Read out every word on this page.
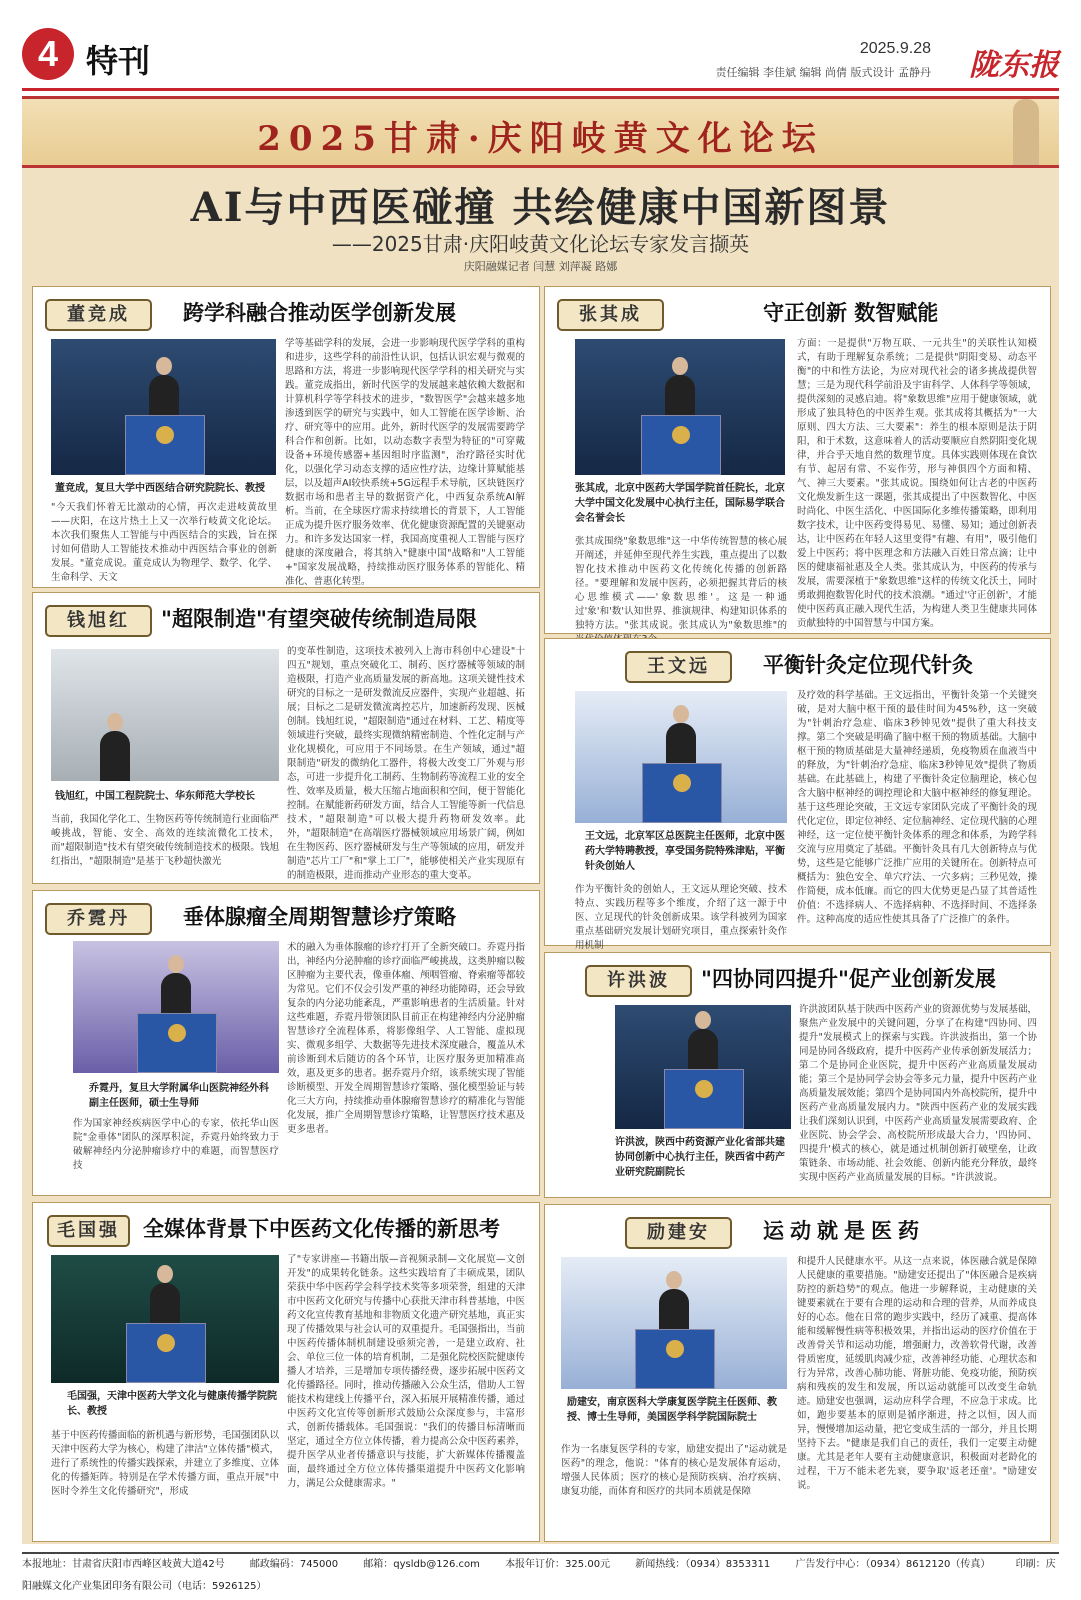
4 特刊	2025.9.28
责任编辑 李佳斌 编辑 尚倩 版式设计 孟静丹 陇东报
2025甘肃·庆阳岐黄文化论坛
AI与中西医碰撞 共绘健康中国新图景
——2025甘肃·庆阳岐黄文化论坛专家发言撷英
庆阳融媒记者 闫慧 刘萍凝 路娜
董竞成	跨学科融合推动医学创新发展
董竞成，复旦大学中西医结合研究院院长、教授
"今天我们怀着无比激动的心情，再次走进岐黄故里——庆阳，在这片热土上又一次举行岐黄文化论坛。本次我们聚焦人工智能与中西医结合的实践，旨在探讨如何借助人工智能技术推动中西医结合事业的创新发展。"董竞成说。董竞成认为物理学、数学、化学、生命科学、天文
学等基础学科的发展，会进一步影响现代医学学科的重构和进步，这些学科的前沿性认识，包括认识宏观与微观的思路和方法，将进一步影响现代医学学科的相关研究与实践。董竞成指出，新时代医学的发展越来越依赖大数据和计算机科学等学科技术的进步，"数智医学"会越来越多地渗透到医学的研究与实践中，如人工智能在医学诊断、治疗、研究等中的应用。此外，新时代医学的发展需要跨学科合作和创新。比如，以动态数字表型为特征的"可穿戴设备+环境传感器+基因组时序监测"，治疗路径实时优化，以强化学习动态支撑的适应性疗法，边缘计算赋能基层，以及超声AI较快系统+5G远程手术导航，区块链医疗数据市场和患者主导的数据资产化，中西复杂系统AI解析。当前，在全球医疗需求持续增长的背景下，人工智能正成为提升医疗服务效率、优化健康资源配置的关键驱动力。和许多发达国家一样，我国高度重视人工智能与医疗健康的深度融合，将其纳入"健康中国"战略和"人工智能+"国家发展战略，持续推动医疗服务体系的智能化、精准化、普惠化转型。
张其成	守正创新 数智赋能
张其成，北京中医药大学国学院首任院长，北京大学中国文化发展中心执行主任，国际易学联合会名誉会长
张其成围绕"象数思维"这一中华传统智慧的核心展开阐述，并延伸至现代养生实践，重点提出了以数智化技术推动中医药文化传统化传播的创新路径。"要理解和发展中医药，必须把握其背后的核心思维模式——'象数思维'。这是一种通过'象'和'数'认知世界、推演规律、构建知识体系的独特方法。"张其成说。张其成认为"象数思维"的
方面：一是提供"万物互联、一元共生"的关联性认知模式，有助于理解复杂系统；二是提供"阴阳变易、动态平衡"的中和性方法论，为应对现代社会的诸多挑战提供智慧；三是为现代科学前沿及宇宙科学、人体科学等领域，提供深刻的灵感启迪。将"象数思维"应用于健康领域，就形成了独具特色的中医养生观。张其成将其概括为"一大原则、四大方法、三大要素"：养生的根本原则是法于阴阳，和于术数，这意味着人的活动要顺应自然阴阳变化规律，并合乎天地自然的数理节度。具体实践则体现在食饮有节、起居有常、不妄作劳，形与神俱四个方面和精、气、神三大要素。"张其成说。围绕如何让古老的中医药文化焕发新生这一课题，张其成提出了中医数智化、中医时尚化、中医生活化、中医国际化多维传播策略，即利用数字技术，让中医药变得易见、易懂、易知；通过创新表达，让中医药在年轻人这里变得"有趣、有用"，吸引他们爱上中医药；将中医理念和方法融入百姓日常点滴；让中医的健康福祉惠及全人类。张其成认为，中医药的传承与发展，需要深植于"象数思维"这样的传统文化沃土，同时勇敢拥抱数智化时代的技术浪潮。"通过'守正创新'，才能使中医药真正融入现代生活，为构建人类卫生健康共同体贡献独特的中国智慧与中国方案。
钱旭红	"超限制造"有望突破传统制造局限
钱旭红，中国工程院院士、华东师范大学校长
当前，我国化学化工、生物医药等传统制造行业面临严峻挑战，智能、安全、高效的连续流微化工技术，而"超限制造"技术有望突破传统制造技术的极限。钱旭红指出，"超限制造"是基于飞秒超快激光
的变革性制造，这项技术被列入上海市科创中心建设"十四五"规划，重点突破化工、制药、医疗器械等领域的制造极限，打造产业高质量发展的新高地。这项关键性技术研究的目标之一是研发微流反应器件，实现产业超越、拓展；目标之二是研发微流离控芯片，加速新药发现、医械创制。钱旭红说，"超限制造"通过在材料、工艺、精度等领域进行突破，最终实现微纳精密制造、个性化定制与产业化规模化，可应用于不同场景。在生产领域，通过"超限制造"研发的微纳化工器件，将极大改变工厂外观与形态，可进一步提升化工制药、生物制药等流程工业的安全性、效率及质量，极大压缩占地面积和空间，便于智能化控制。在赋能新药研发方面，结合人工智能等新一代信息技术，"超限制造"可以极大提升药物研发效率。此外，"超限制造"在高端医疗器械领域应用场景广阔，例如在生物医药、医疗器械研发与生产等领域的应用，研发并制造"芯片工厂"和"掌上工厂"，能够使相关产业实现原有的制造极限，进而推动产业形态的重大变革。
王文远	平衡针灸定位现代针灸
王文远，北京军区总医院主任医师，北京中医药大学特聘教授，享受国务院特殊津贴，平衡针灸创始人
作为平衡针灸的创始人，王文远从理论突破、技术特点、实践历程等多个维度，介绍了这一源于中医、立足现代的针灸创新成果。该学科被列为国家重点基础研究发展计划研究项目，重点探索针灸作用机制
及疗效的科学基础。王文远指出，平衡针灸第一个关键突破，是对大脑中枢干预的最佳时间为45%秒，这一突破为"针刺治疗急症、临床3秒钟见效"提供了重大科技支撑。第二个突破是明确了脑中枢干预的物质基础。大脑中枢干预的物质基础是大量神经递质，免疫物质在血液当中的释放，为"针刺治疗急症、临床3秒钟见效"提供了物质基础。在此基础上，构建了平衡针灸定位脑理论，核心包含大脑中枢神经的调控理论和大脑中枢神经的修复理论。基于这些理论突破，王文远专家团队完成了平衡针灸的现代化定位，即定位神经、定位脑神经、定位现代脑的心理神经，这一定位使平衡针灸体系的理念和体系，为跨学科交流与应用奠定了基础。平衡针灸具有几大创新特点与优势，这些是它能够广泛推广应用的关键所在。创新特点可概括为：独色安全、单穴疗法、一穴多病；三秒见效，操作简便，成本低廉。而它的四大优势更是凸显了其普适性价值：不选择病人、不选择病种、不选择时间、不选择条件。这种高度的适应性使其具备了广泛推广的条件。
乔霓丹	垂体腺瘤全周期智慧诊疗策略
乔霓丹，复旦大学附属华山医院神经外科副主任医师，硕士生导师
作为国家神经疾病医学中心的专家，依托华山医院"金垂体"团队的深厚积淀，乔霓丹始终致力于破解神经内分泌肿瘤诊疗中的难题，而智慧医疗技
术的融入为垂体腺瘤的诊疗打开了全新突破口。乔霓丹指出，神经内分泌肿瘤的诊疗面临严峻挑战，这类肿瘤以鞍区肿瘤为主要代表，像垂体瘤、颅咽管瘤、脊索瘤等都较为常见。它们不仅会引发严重的神经功能障碍，还会导致复杂的内分泌功能紊乱，严重影响患者的生活质量。针对这些难题，乔霓丹带领团队目前正在构建神经内分泌肿瘤智慧诊疗全流程体系，将影像组学、人工智能、虚拟现实、微观多组学、大数据等先进技术深度融合，覆盖从术前诊断到术后随访的各个环节，让医疗服务更加精准高效，惠及更多的患者。据乔霓丹介绍，该系统实现了智能诊断模型、开发全周期智慧诊疗策略、强化模型验证与转化三大方向，持续推动垂体腺瘤智慧诊疗的精准化与智能化发展，推广全周期智慧诊疗策略，让智慧医疗技术惠及更多患者。
许洪波	"四协同四提升"促产业创新发展
许洪波，陕西中药资源产业化省部共建协同创新中心执行主任，陕西省中药产业研究院副院长
许洪波团队基于陕西中医药产业的资源优势与发展基础，聚焦产业发展中的关键问题，分享了在构建"四协同、四提升"发展模式上的探索与实践。许洪波指出，第一个协同是协同各级政府，提升中医药产业传承创新发展活力；第二个是协同企业医院，提升中医药产业高质量发展动能；第三个是协同学会协会等多元力量，提升中医药产业高质量发展效能；第四个是协同国内外高校院所，提升中医药产业高质量发展内力。"陕西中医药产业的发展实践让我们深刻认识到，中医药产业高质量发展需要政府、企业医院、协会学会、高校院所形成最大合力，'四协同、四提升'模式的核心，就是通过机制创新打破壁垒，让政策链条、市场动能、社会效能、创新内能充分释放，最终实现中医药产业高质量发展的目标。"许洪波说。
毛国强	全媒体背景下中医药文化传播的新思考
毛国强，天津中医药大学文化与健康传播学院院长、教授
基于中医药传播面临的新机遇与新形势，毛国强团队以天津中医药大学为核心，构建了津沽"立体传播"模式，进行了系统性的传播实践探索，并建立了多维度、立体化的传播矩阵。特别是在学术传播方面，重点开展"中医时令养生文化传播研究"，形成
了"专家讲座—书籍出版—音视频录制—文化展览—文创开发"的成果转化链条。这些实践培育了丰硕成果，团队荣获中华中医药学会科学技术奖等多项荣誉，组建的天津市中医药文化研究与传播中心获批天津市科普基地，中医药文化宣传教育基地和非物质文化遗产研究基地，真正实现了传播效果与社会认可的双重提升。毛国强指出，当前中医药传播体制机制建设亟须完善，一是建立政府、社会、单位三位一体的培育机制，二是强化院校医院健康传播人才培养，三是增加专项传播经费，逐步拓展中医药文化传播路径。同时，推动传播融入公众生活，借助人工智能技术构建线上传播平台，深入拓展开展精准传播，通过中医药文化宣传等创新形式鼓励公众深度参与，丰富形式，创新传播载体。毛国强说："我们的传播目标清晰而坚定，通过全方位立体传播，着力提高公众中医药素养，提升医学从业者传播意识与技能，扩大新媒体传播覆盖面，最终通过全方位立体传播渠道提升中医药文化影响力，满足公众健康需求。"
励建安	运动就是医药
励建安，南京医科大学康复医学院主任医师、教授、博士生导师，美国医学科学院国际院士
作为一名康复医学科的专家，励建安提出了"运动就是医药"的理念，他说："体育的核心是发展体育运动，增强人民体质；医疗的核心是预防疾病、治疗疾病、康复功能，而体育和医疗的共同本质就是保障
和提升人民健康水平。从这一点来说，体医融合就是保障人民健康的重要措施。"励建安还提出了"体医融合是疾病防控的新趋势"的观点。他进一步解释说，主动健康的关键要素就在于要有合理的运动和合理的营养，从而养成良好的心态。他在日常的跑步实践中，经历了减重、提高体能和缓解慢性病等积极效果，并指出运动的医疗价值在于改善骨关节和运动功能，增强耐力，改善软骨代谢，改善骨质密度，延缓肌肉减少症，改善神经功能、心理状态和行为异常，改善心肺功能、肾脏功能、免疫功能，预防疾病和残疾的发生和发展，所以运动就能可以改变生命轨迹。励建安也强调，运动应科学合理，不应急于求成。比如，跑步要基本的原则是循序渐进，持之以恒，因人而异，慢慢增加运动量，把它变成生活的一部分，并且长期坚持下去。"健康是我们自己的责任，我们一定要主动健康。尤其是老年人要有主动健康意识，积极面对老龄化的过程，干万不能未老先衰，要争取'返老还童'。"励建安说。
本报地址：甘肃省庆阳市西峰区岐黄大道42号	邮政编码：745000	邮箱：qysldb@126.com	本报年订价：325.00元	新闻热线：（0934）8353311	广告发行中心：（0934）8612120（传真）	印刷：庆阳融媒文化产业集团印务有限公司（电话：5926125）
